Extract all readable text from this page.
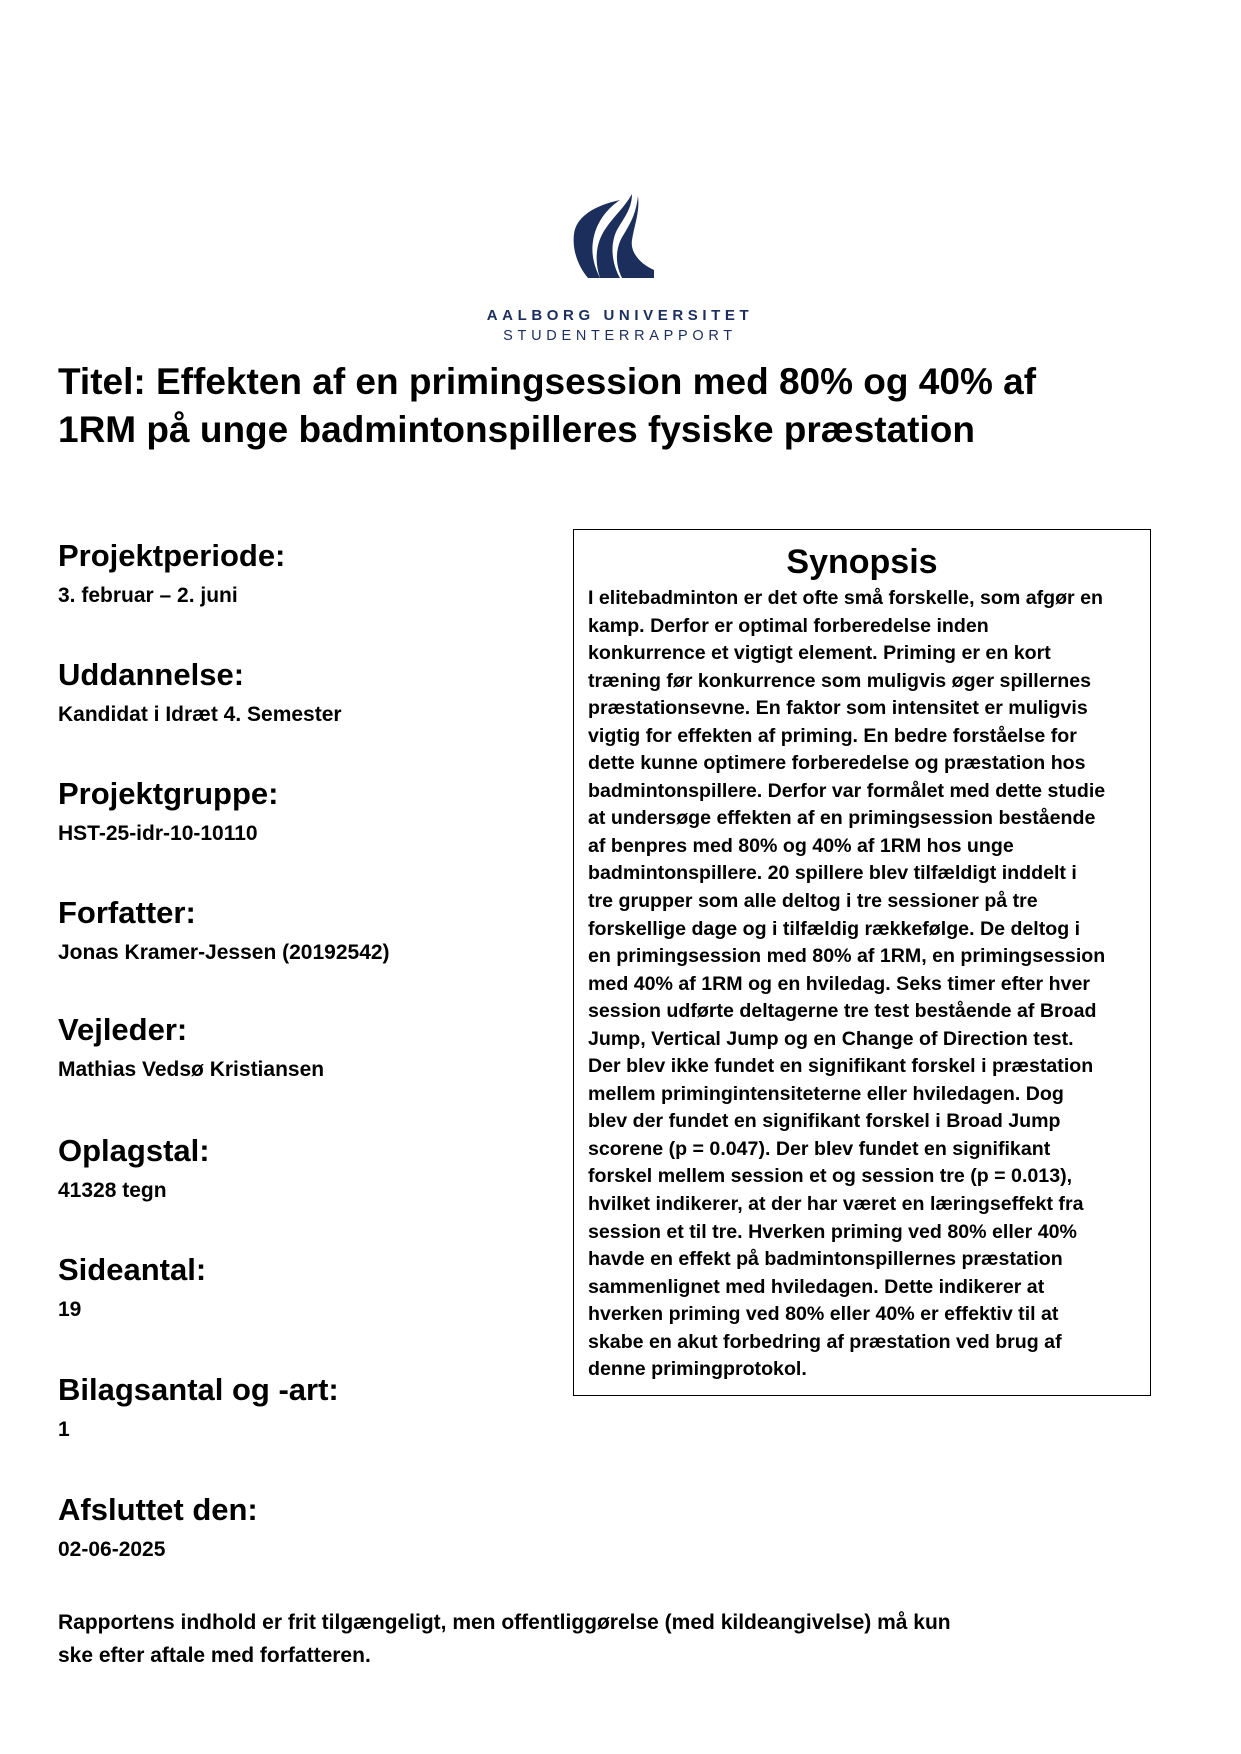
AALBORG UNIVERSITET
STUDENTERRAPPORT
Titel: Effekten af en primingsession med 80% og 40% af
1RM på unge badmintonspilleres fysiske præstation
Projektperiode:
3. februar – 2. juni
Uddannelse:
Kandidat i Idræt 4. Semester
Projektgruppe:
HST-25-idr-10-10110
Forfatter:
Jonas Kramer-Jessen (20192542)
Vejleder:
Mathias Vedsø Kristiansen
Oplagstal:
41328 tegn
Sideantal:
19
Bilagsantal og -art:
1
Afsluttet den:
02-06-2025
Synopsis
I elitebadminton er det ofte små forskelle, som afgør en
kamp. Derfor er optimal forberedelse inden
konkurrence et vigtigt element. Priming er en kort
træning før konkurrence som muligvis øger spillernes
præstationsevne. En faktor som intensitet er muligvis
vigtig for effekten af priming. En bedre forståelse for
dette kunne optimere forberedelse og præstation hos
badmintonspillere. Derfor var formålet med dette studie
at undersøge effekten af en primingsession bestående
af benpres med 80% og 40% af 1RM hos unge
badmintonspillere. 20 spillere blev tilfældigt inddelt i
tre grupper som alle deltog i tre sessioner på tre
forskellige dage og i tilfældig rækkefølge. De deltog i
en primingsession med 80% af 1RM, en primingsession
med 40% af 1RM og en hviledag. Seks timer efter hver
session udførte deltagerne tre test bestående af Broad
Jump, Vertical Jump og en Change of Direction test.
Der blev ikke fundet en signifikant forskel i præstation
mellem primingintensiteterne eller hviledagen. Dog
blev der fundet en signifikant forskel i Broad Jump
scorene (p = 0.047). Der blev fundet en signifikant
forskel mellem session et og session tre (p = 0.013),
hvilket indikerer, at der har været en læringseffekt fra
session et til tre. Hverken priming ved 80% eller 40%
havde en effekt på badmintonspillernes præstation
sammenlignet med hviledagen. Dette indikerer at
hverken priming ved 80% eller 40% er effektiv til at
skabe en akut forbedring af præstation ved brug af
denne primingprotokol.
Rapportens indhold er frit tilgængeligt, men offentliggørelse (med kildeangivelse) må kun
ske efter aftale med forfatteren.
